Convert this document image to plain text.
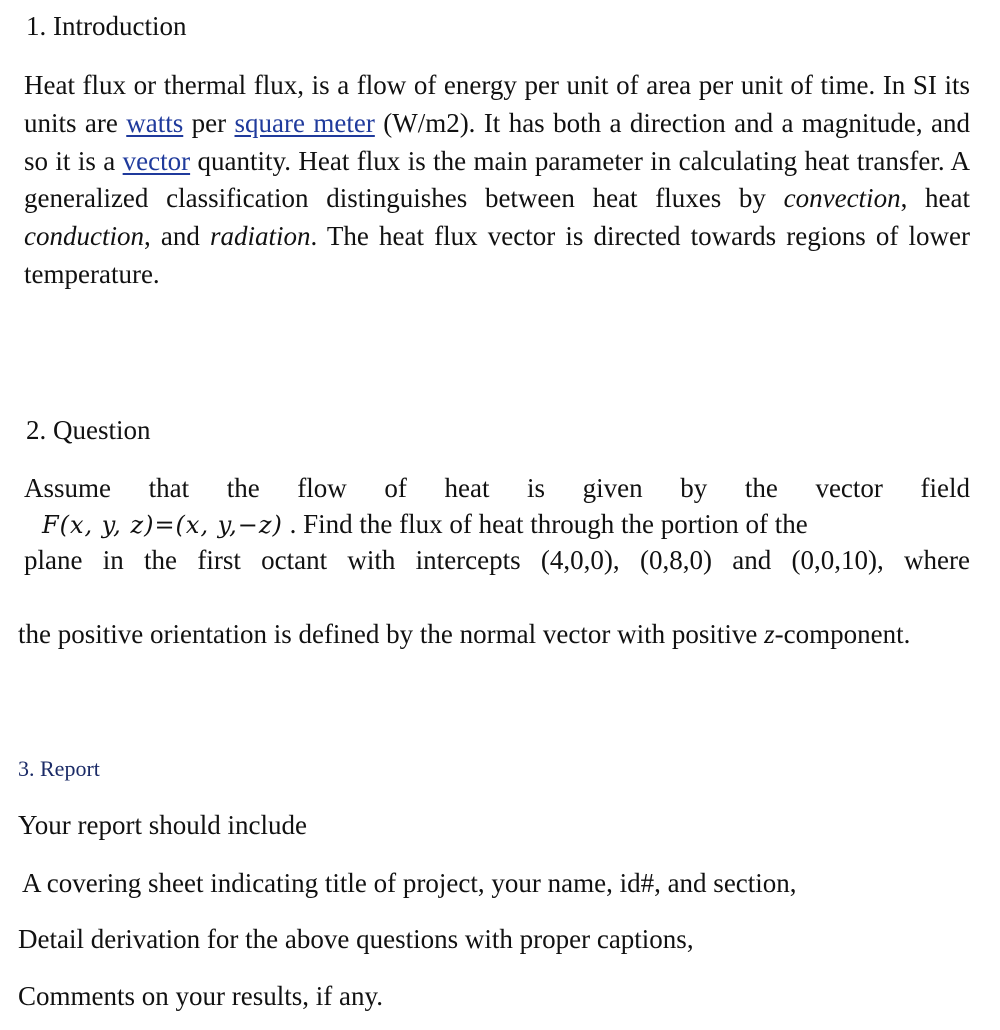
1. Introduction
Heat flux or thermal flux, is a flow of energy per unit of area per unit of time. In SI its units are watts per square meter (W/m2). It has both a direction and a magnitude, and so it is a vector quantity. Heat flux is the main parameter in calculating heat transfer. A generalized classification distinguishes between heat fluxes by convection, heat conduction, and radiation. The heat flux vector is directed towards regions of lower temperature.
2. Question
Assume that the flow of heat is given by the vector field
F(x, y, z)=(x, y,−z) . Find the flux of heat through the portion of the
plane in the first octant with intercepts (4,0,0), (0,8,0) and (0,0,10), where
the positive orientation is defined by the normal vector with positive z-component.
3. Report
Your report should include
A covering sheet indicating title of project, your name, id#, and section,
Detail derivation for the above questions with proper captions,
Comments on your results, if any.
